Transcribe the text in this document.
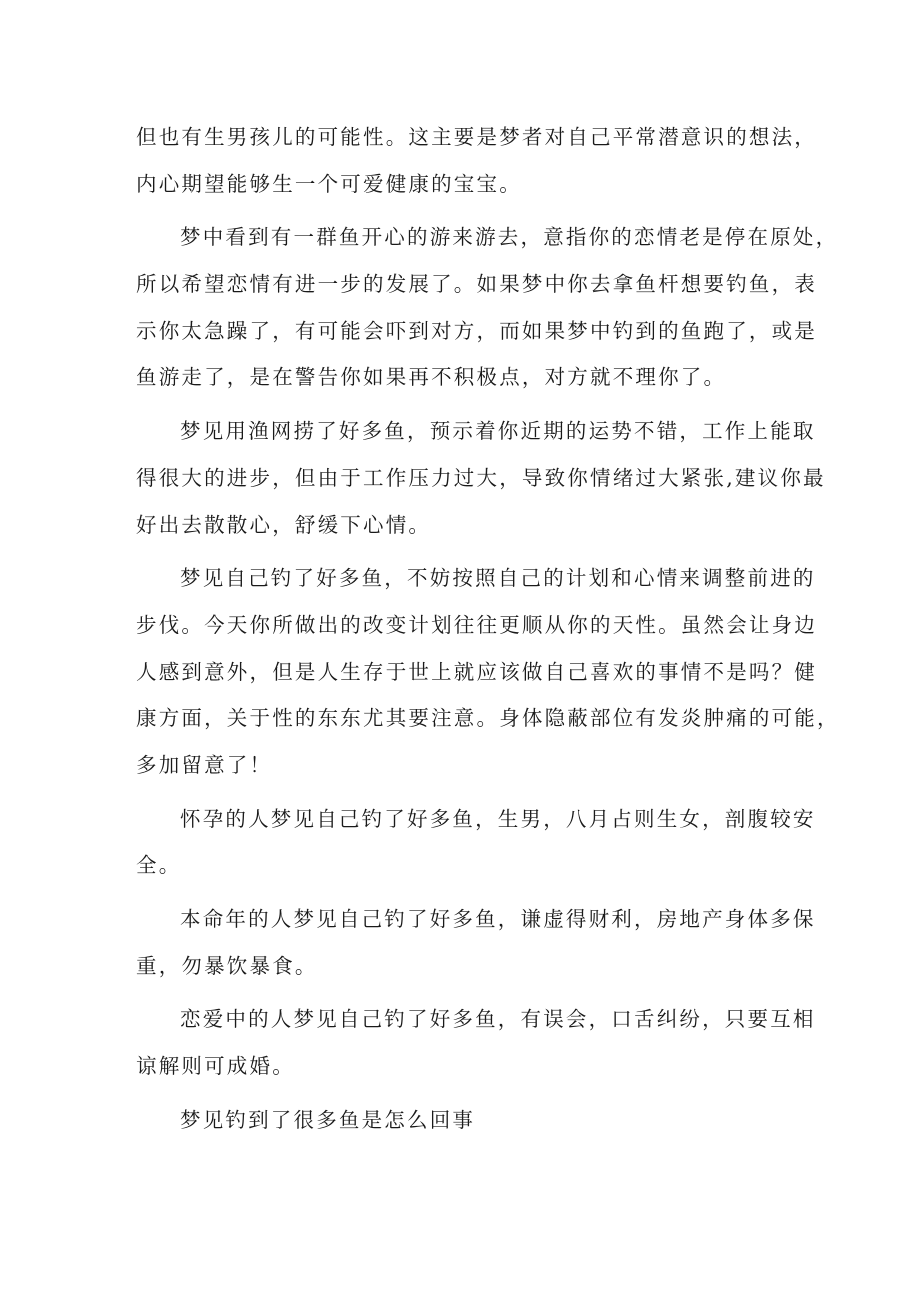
但也有生男孩儿的可能性。这主要是梦者对自己平常潜意识的想法，
内心期望能够生一个可爱健康的宝宝。
梦中看到有一群鱼开心的游来游去，意指你的恋情老是停在原处，
所以希望恋情有进一步的发展了。如果梦中你去拿鱼杆想要钓鱼，表
示你太急躁了，有可能会吓到对方，而如果梦中钓到的鱼跑了，或是
鱼游走了，是在警告你如果再不积极点，对方就不理你了。
梦见用渔网捞了好多鱼，预示着你近期的运势不错，工作上能取
得很大的进步，但由于工作压力过大，导致你情绪过大紧张,建议你最
好出去散散心，舒缓下心情。
梦见自己钓了好多鱼，不妨按照自己的计划和心情来调整前进的
步伐。今天你所做出的改变计划往往更顺从你的天性。虽然会让身边
人感到意外，但是人生存于世上就应该做自己喜欢的事情不是吗？健
康方面，关于性的东东尤其要注意。身体隐蔽部位有发炎肿痛的可能，
多加留意了！
怀孕的人梦见自己钓了好多鱼，生男，八月占则生女，剖腹较安
全。
本命年的人梦见自己钓了好多鱼，谦虚得财利，房地产身体多保
重，勿暴饮暴食。
恋爱中的人梦见自己钓了好多鱼，有误会，口舌纠纷，只要互相
谅解则可成婚。
梦见钓到了很多鱼是怎么回事
